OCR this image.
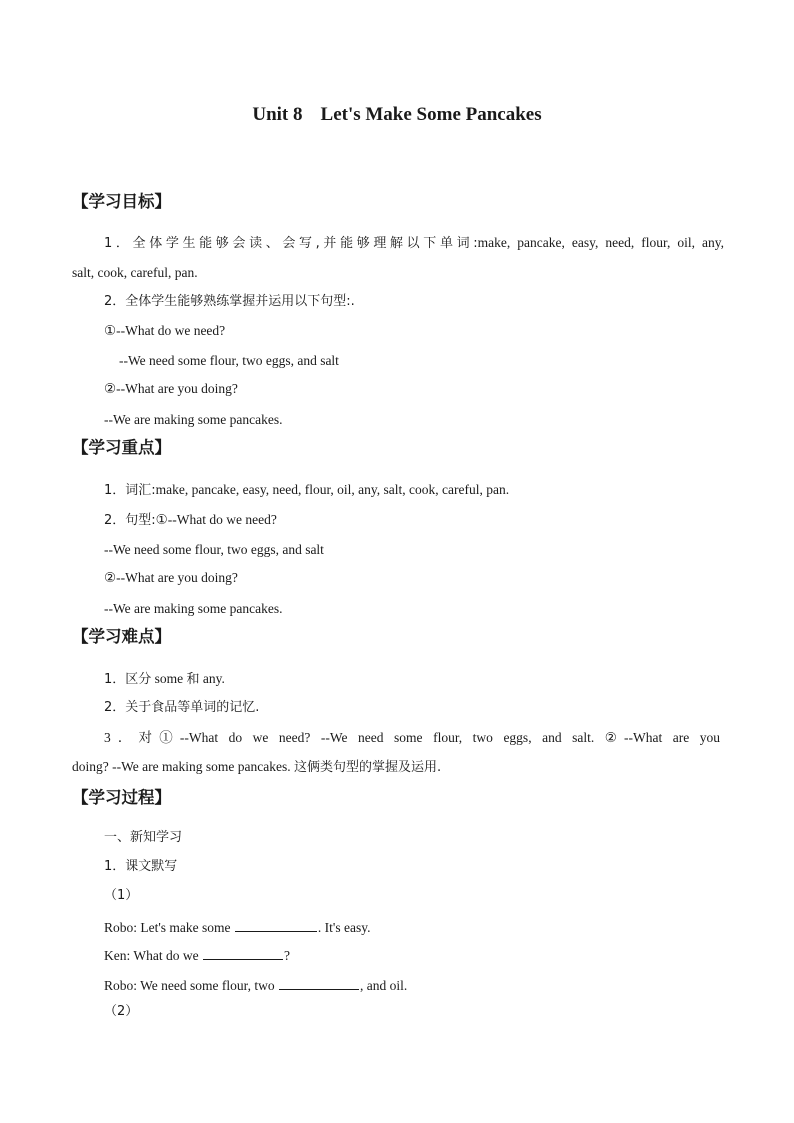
Unit 8 Let's Make Some Pancakes
【学习目标】
1．全体学生能够会读、会写,并能够理解以下单词:make, pancake, easy, need, flour, oil, any,
salt, cook, careful, pan.
2．全体学生能够熟练掌握并运用以下句型:.
①--What do we need?
--We need some flour, two eggs, and salt
②--What are you doing?
--We are making some pancakes.
【学习重点】
1．词汇:make, pancake, easy, need, flour, oil, any, salt, cook, careful, pan.
2．句型:①--What do we need?
--We need some flour, two eggs, and salt
②--What are you doing?
--We are making some pancakes.
【学习难点】
1．区分 some 和 any.
2．关于食品等单词的记忆.
3．对①--What do we need? --We need some flour, two eggs, and salt. ②--What are you
doing? --We are making some pancakes. 这俩类句型的掌握及运用.
【学习过程】
一、新知学习
1．课文默写
（1）
Robo: Let's make some	. It's easy.
Ken: What do we	?
Robo: We need some flour, two	, and oil.
（2）
